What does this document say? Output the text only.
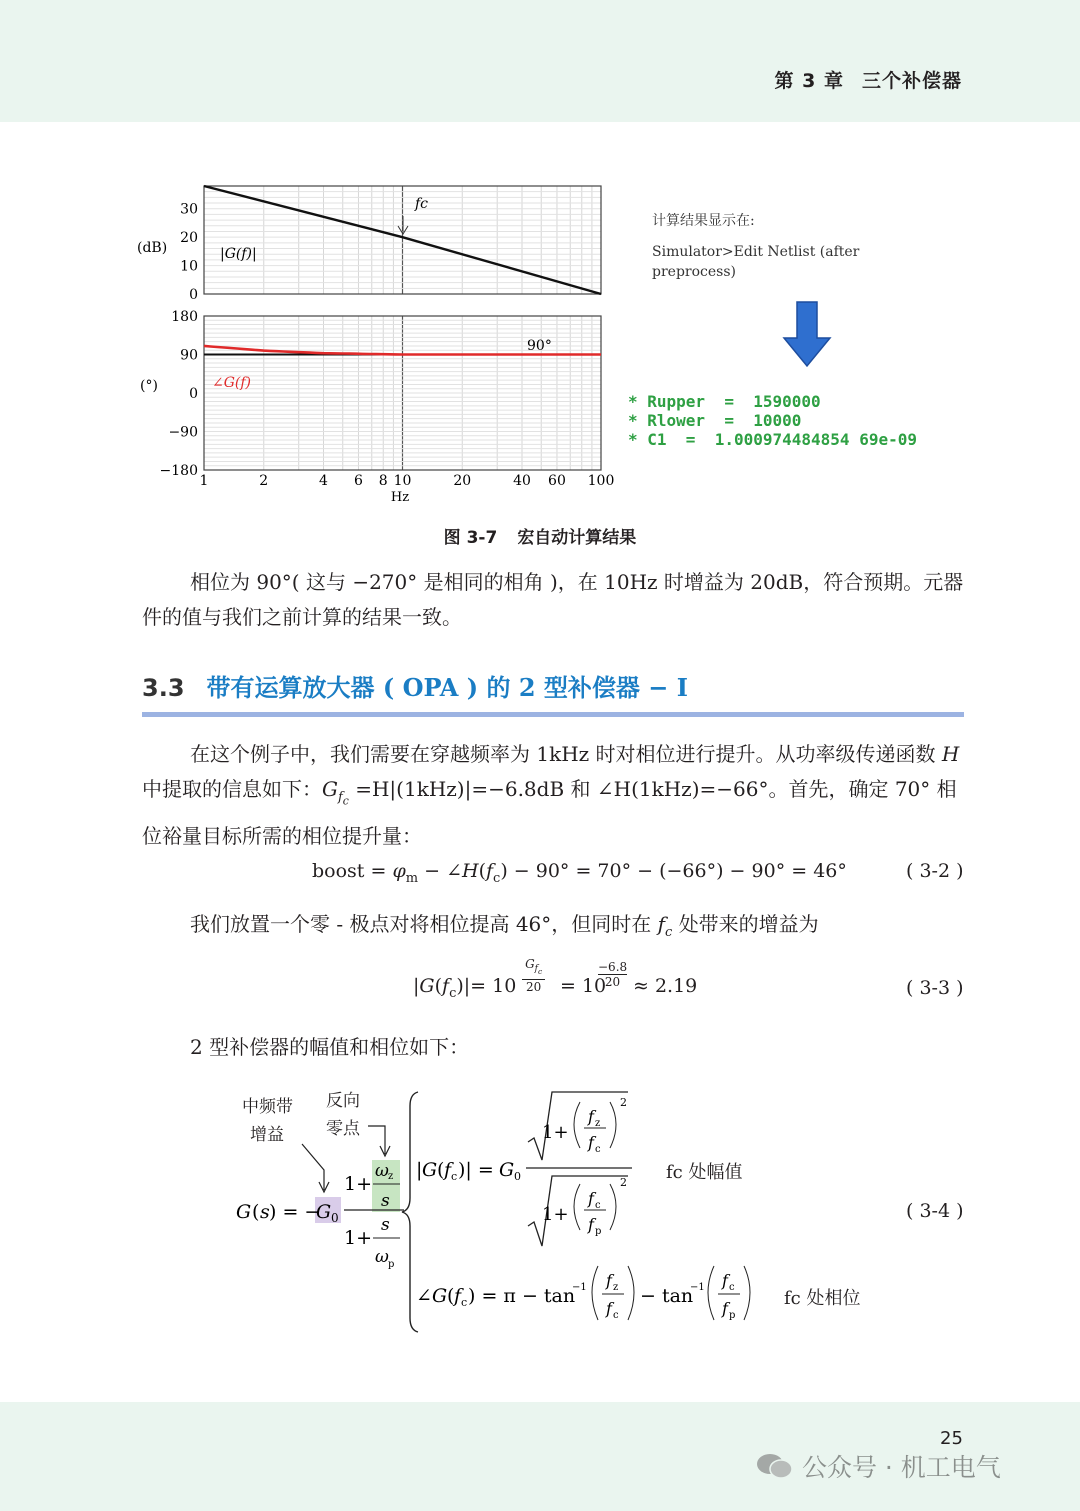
第 3 章 三个补偿器
(dB)
(°)
30
20
10
0
180
90
0
−90
−180
1	2	4 6 8 10	20	40 60 100
Hz
|G(f)|
fc
∠G(f)
90°
计算结果显示在:
Simulator>Edit Netlist (after
preprocess)
* Rupper  =  1590000
* Rlower  =  10000
* C1  =  1.000974484854 69e-09
图 3-7 宏自动计算结果
相位为 90°( 这与 −270° 是相同的相角 )，在 10Hz 时增益为 20dB，符合预期。元器件的值与我们之前计算的结果一致。
3.3 带有运算放大器 ( OPA ) 的 2 型补偿器 − I
在这个例子中，我们需要在穿越频率为 1kHz 时对相位进行提升。从功率级传递函数 H 中提取的信息如下：$G_{f_c} =H|(1kHz)|=-6.8dB$ 和 ∠H(1kHz)=−66°。首先，确定 70° 相位裕量目标所需的相位提升量：
boost = $\varphi_m$ − $\angle H(f_c) - 90^\circ = 70^\circ - (-66^\circ) - 90^\circ = 46^\circ$	( 3-2 )
我们放置一个零 - 极点对将相位提高 46°，但同时在 $f_c$ 处带来的增益为
$|G(f_c)|= 10$
$G_{f_c}$
20 = 10
−6.8
20 ≈ 2.19	( 3-3 )
2 型补偿器的幅值和相位如下：
中频带
增益
反向
零点
G ( s ) = −
G 0
1+
ω z
s
1+
s
ω p
| G ( f c )| = G 0
1+
f z
f c
2
1+
f c
f p
2
∠ G ( f c ) = π − tan
−1 f z
f c
− tan
−1 f c
f p
fc 处幅值
fc 处相位
( 3-4 )
25
公众号 · 机工电气
